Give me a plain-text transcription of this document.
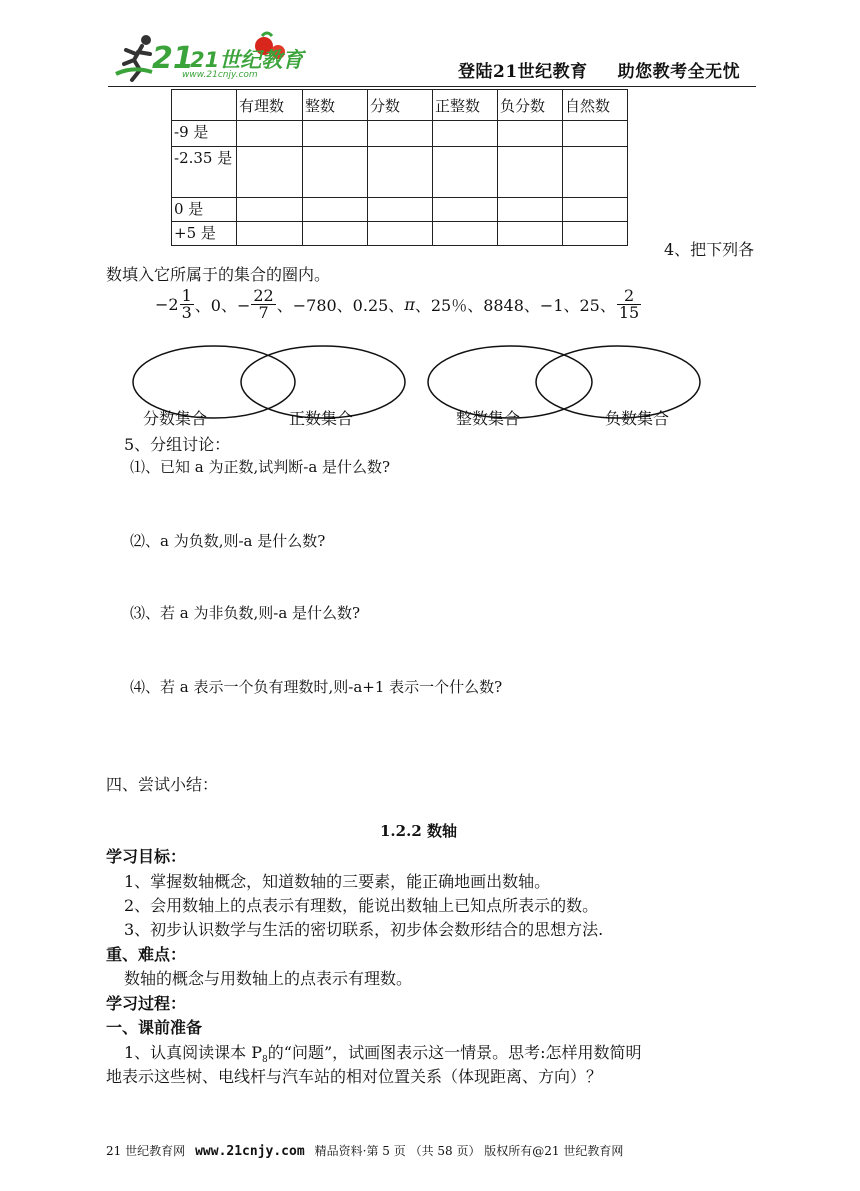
21
21世纪教育
www.21cnjy.com	登陆21世纪教育 助您教考全无忧
	有理数	整数	分数	正整数	负分数	自然数
-9 是						
-2.35 是						
0 是						
+5 是						
4、把下列各
数填入它所属于的集合的圈内。
$-2 \frac{1}{3}$ 、0、− $\frac{22}{7}$ 、−780、0.25、π、25％、8848、−1、25、 $\frac{2}{15}$
分数集合	正数集合	整数集合	负数集合
5、分组讨论：
⑴、已知 a 为正数,试判断-a 是什么数?
⑵、a 为负数,则-a 是什么数?
⑶、若 a 为非负数,则-a 是什么数?
⑷、若 a 表示一个负有理数时,则-a+1 表示一个什么数?
四、尝试小结：
1.2.2 数轴
学习目标：
1、掌握数轴概念，知道数轴的三要素，能正确地画出数轴。
2、会用数轴上的点表示有理数，能说出数轴上已知点所表示的数。
3、初步认识数学与生活的密切联系，初步体会数形结合的思想方法.
重、难点：
数轴的概念与用数轴上的点表示有理数。
学习过程：
一、课前准备
1、认真阅读课本 $P_8$的“问题”，试画图表示这一情景。思考:怎样用数简明
地表示这些树、电线杆与汽车站的相对位置关系（体现距离、方向）？
21 世纪教育网 www.21cnjy.com 精品资料·第 5 页 （共 58 页） 版权所有@21 世纪教育网
